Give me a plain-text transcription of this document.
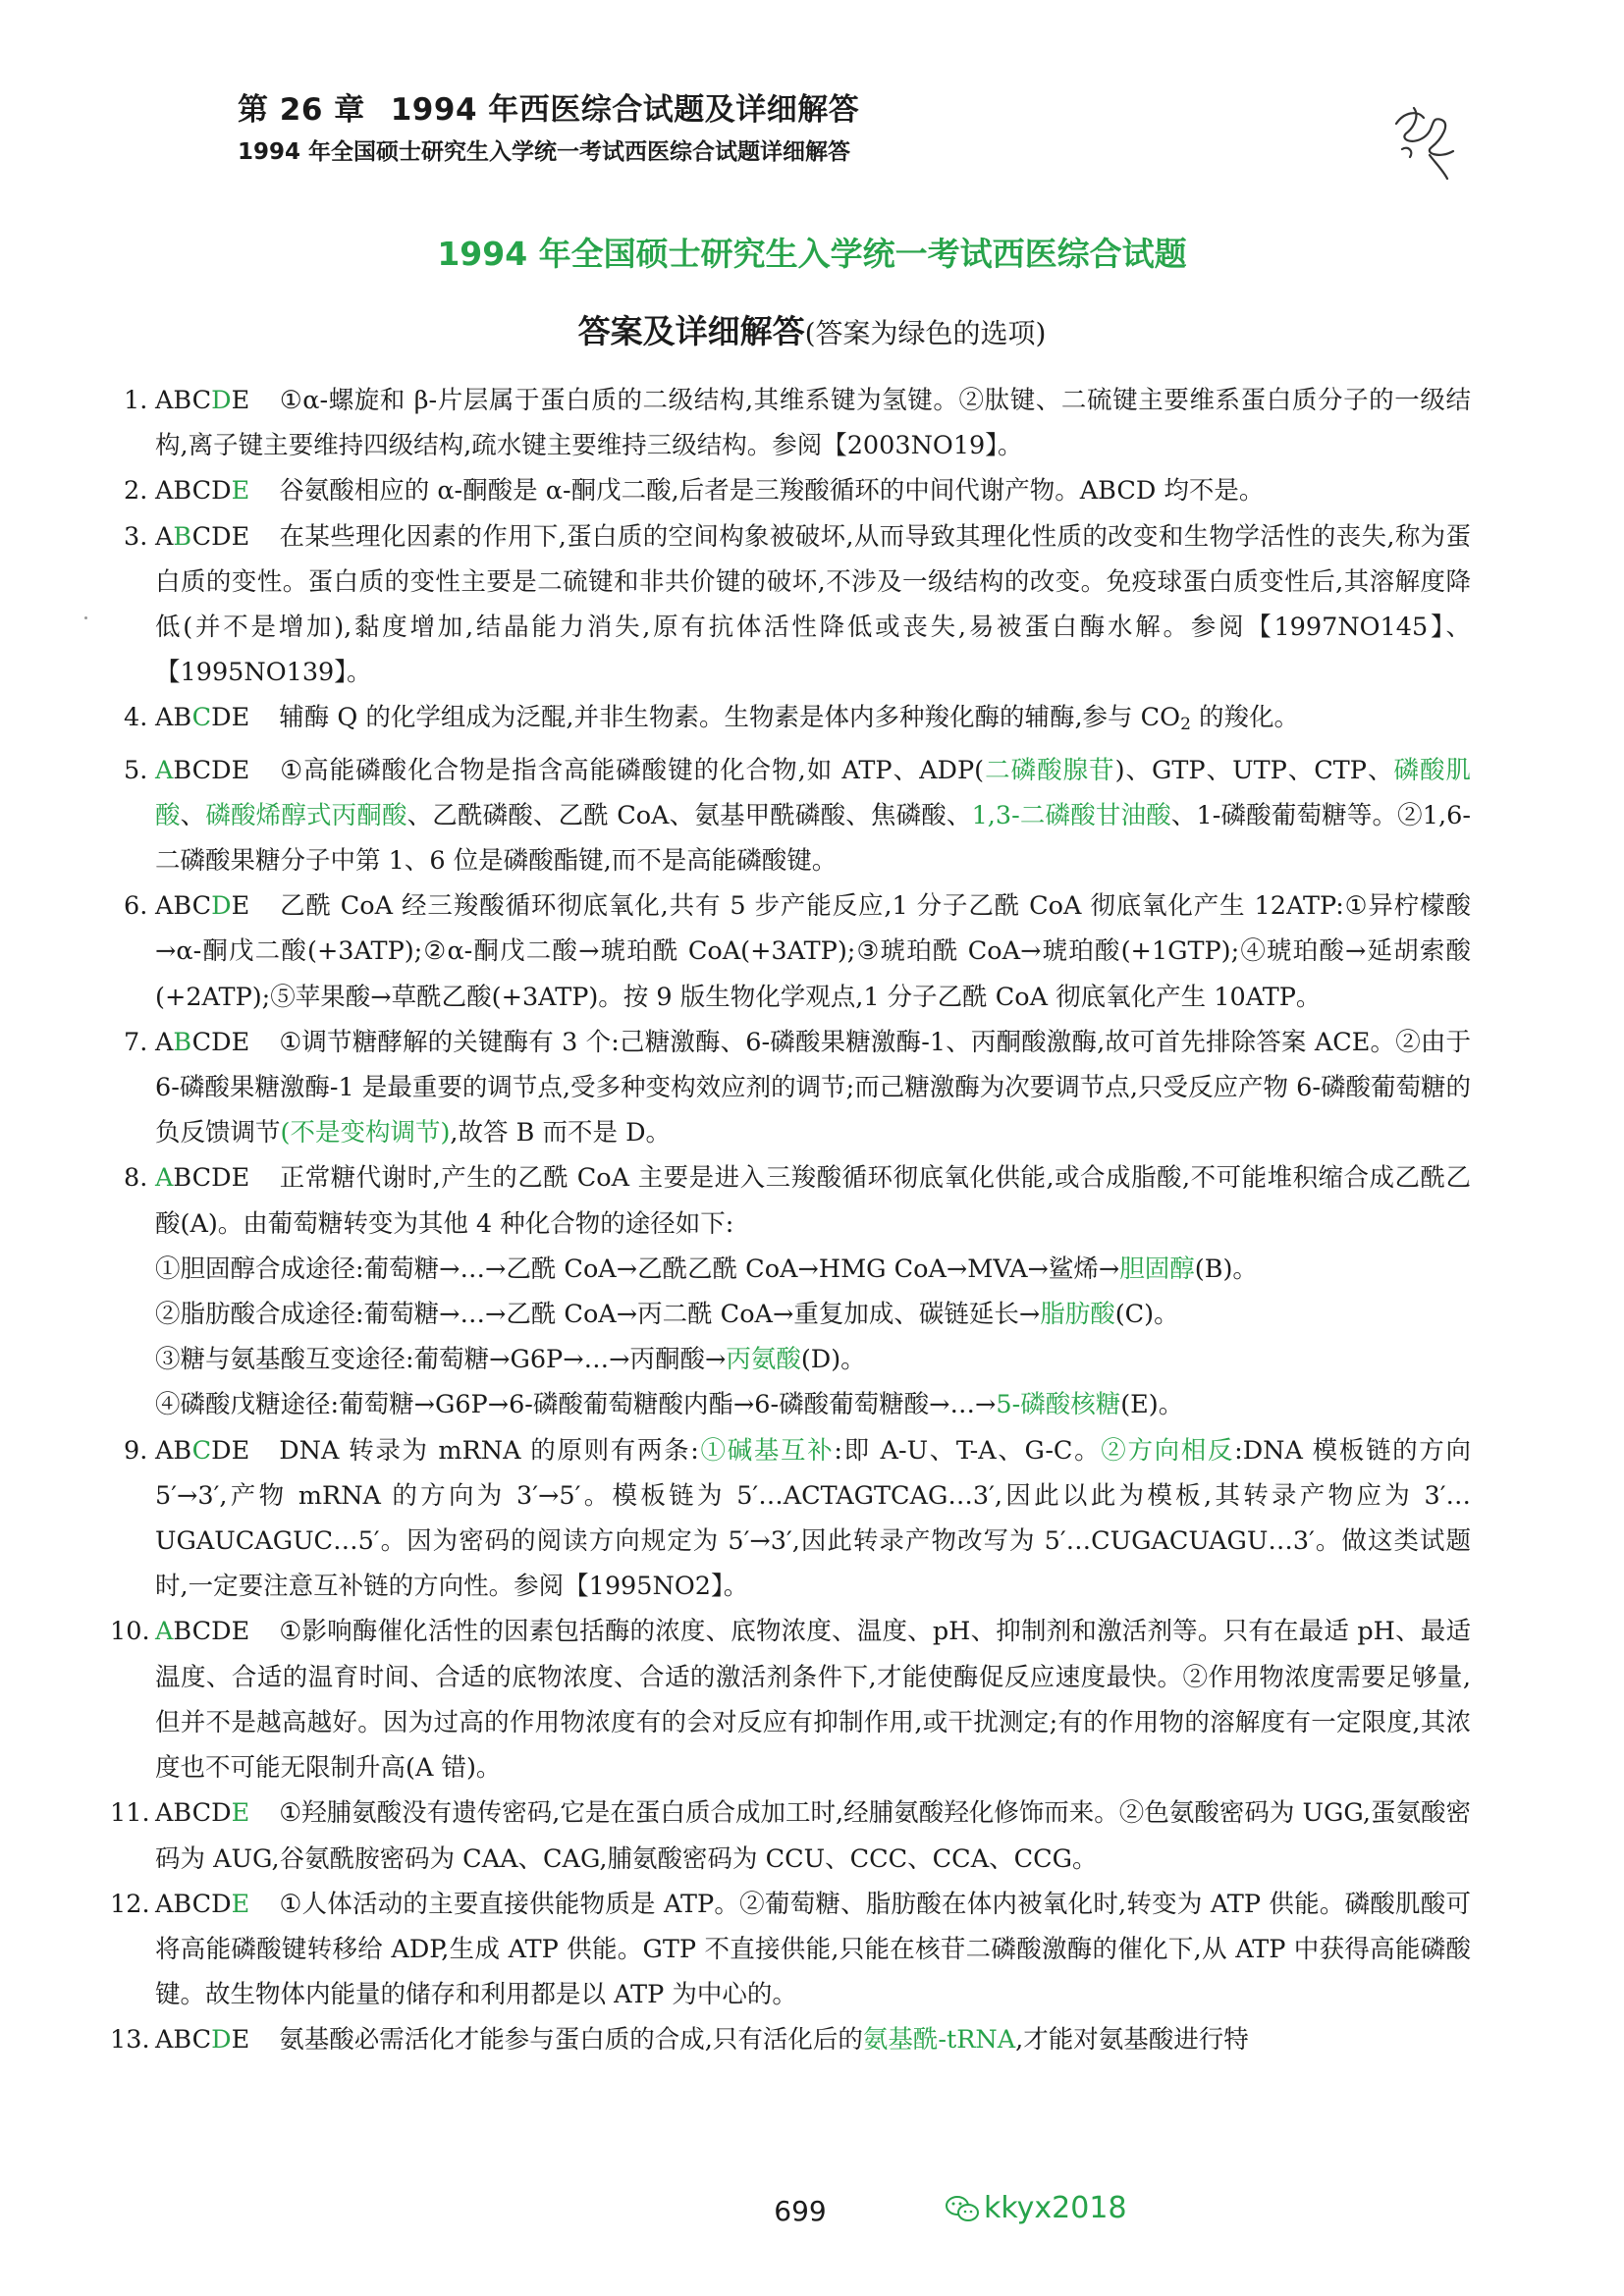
第 26 章 1994 年西医综合试题及详细解答
1994 年全国硕士研究生入学统一考试西医综合试题详细解答
1994 年全国硕士研究生入学统一考试西医综合试题
答案及详细解答(答案为绿色的选项)
1. ABCDE ①α-螺旋和 β-片层属于蛋白质的二级结构,其维系键为氢键。②肽键、二硫键主要维系蛋白质分子的一级结构,离子键主要维持四级结构,疏水键主要维持三级结构。参阅【2003NO19】。
2. ABCDE 谷氨酸相应的 α-酮酸是 α-酮戊二酸,后者是三羧酸循环的中间代谢产物。ABCD 均不是。
3. ABCDE 在某些理化因素的作用下,蛋白质的空间构象被破坏,从而导致其理化性质的改变和生物学活性的丧失,称为蛋白质的变性。蛋白质的变性主要是二硫键和非共价键的破坏,不涉及一级结构的改变。免疫球蛋白质变性后,其溶解度降低(并不是增加),黏度增加,结晶能力消失,原有抗体活性降低或丧失,易被蛋白酶水解。参阅【1997NO145】、【1995NO139】。
4. ABCDE 辅酶 Q 的化学组成为泛醌,并非生物素。生物素是体内多种羧化酶的辅酶,参与 $CO_2$ 的羧化。
5. ABCDE ①高能磷酸化合物是指含高能磷酸键的化合物,如 ATP、ADP(二磷酸腺苷)、GTP、UTP、CTP、磷酸肌酸、磷酸烯醇式丙酮酸、乙酰磷酸、乙酰 CoA、氨基甲酰磷酸、焦磷酸、1,3-二磷酸甘油酸、1-磷酸葡萄糖等。②1,6-二磷酸果糖分子中第 1、6 位是磷酸酯键,而不是高能磷酸键。
6. ABCDE 乙酰 CoA 经三羧酸循环彻底氧化,共有 5 步产能反应,1 分子乙酰 CoA 彻底氧化产生 12ATP:①异柠檬酸→α-酮戊二酸(+3ATP);②α-酮戊二酸→琥珀酰 CoA(+3ATP);③琥珀酰 CoA→琥珀酸(+1GTP);④琥珀酸→延胡索酸(+2ATP);⑤苹果酸→草酰乙酸(+3ATP)。按 9 版生物化学观点,1 分子乙酰 CoA 彻底氧化产生 10ATP。
7. ABCDE ①调节糖酵解的关键酶有 3 个:己糖激酶、6-磷酸果糖激酶-1、丙酮酸激酶,故可首先排除答案 ACE。②由于 6-磷酸果糖激酶-1 是最重要的调节点,受多种变构效应剂的调节;而己糖激酶为次要调节点,只受反应产物 6-磷酸葡萄糖的负反馈调节(不是变构调节),故答 B 而不是 D。
8. ABCDE 正常糖代谢时,产生的乙酰 CoA 主要是进入三羧酸循环彻底氧化供能,或合成脂酸,不可能堆积缩合成乙酰乙酸(A)。由葡萄糖转变为其他 4 种化合物的途径如下:
①胆固醇合成途径:葡萄糖→…→乙酰 CoA→乙酰乙酰 CoA→HMG CoA→MVA→鲨烯→胆固醇(B)。
②脂肪酸合成途径:葡萄糖→…→乙酰 CoA→丙二酰 CoA→重复加成、碳链延长→脂肪酸(C)。
③糖与氨基酸互变途径:葡萄糖→G6P→…→丙酮酸→丙氨酸(D)。
④磷酸戊糖途径:葡萄糖→G6P→6-磷酸葡萄糖酸内酯→6-磷酸葡萄糖酸→…→5-磷酸核糖(E)。
9. ABCDE DNA 转录为 mRNA 的原则有两条:①碱基互补:即 A-U、T-A、G-C。②方向相反:DNA 模板链的方向 5′→3′,产物 mRNA 的方向为 3′→5′。模板链为 5′…ACTAGTCAG…3′,因此以此为模板,其转录产物应为 3′…UGAUCAGUC…5′。因为密码的阅读方向规定为 5′→3′,因此转录产物改写为 5′…CUGACUAGU…3′。做这类试题时,一定要注意互补链的方向性。参阅【1995NO2】。
10. ABCDE ①影响酶催化活性的因素包括酶的浓度、底物浓度、温度、pH、抑制剂和激活剂等。只有在最适 pH、最适温度、合适的温育时间、合适的底物浓度、合适的激活剂条件下,才能使酶促反应速度最快。②作用物浓度需要足够量,但并不是越高越好。因为过高的作用物浓度有的会对反应有抑制作用,或干扰测定;有的作用物的溶解度有一定限度,其浓度也不可能无限制升高(A 错)。
11. ABCDE ①羟脯氨酸没有遗传密码,它是在蛋白质合成加工时,经脯氨酸羟化修饰而来。②色氨酸密码为 UGG,蛋氨酸密码为 AUG,谷氨酰胺密码为 CAA、CAG,脯氨酸密码为 CCU、CCC、CCA、CCG。
12. ABCDE ①人体活动的主要直接供能物质是 ATP。②葡萄糖、脂肪酸在体内被氧化时,转变为 ATP 供能。磷酸肌酸可将高能磷酸键转移给 ADP,生成 ATP 供能。GTP 不直接供能,只能在核苷二磷酸激酶的催化下,从 ATP 中获得高能磷酸键。故生物体内能量的储存和利用都是以 ATP 为中心的。
13. ABCDE 氨基酸必需活化才能参与蛋白质的合成,只有活化后的氨基酰-tRNA,才能对氨基酸进行特
699	kkyx2018
